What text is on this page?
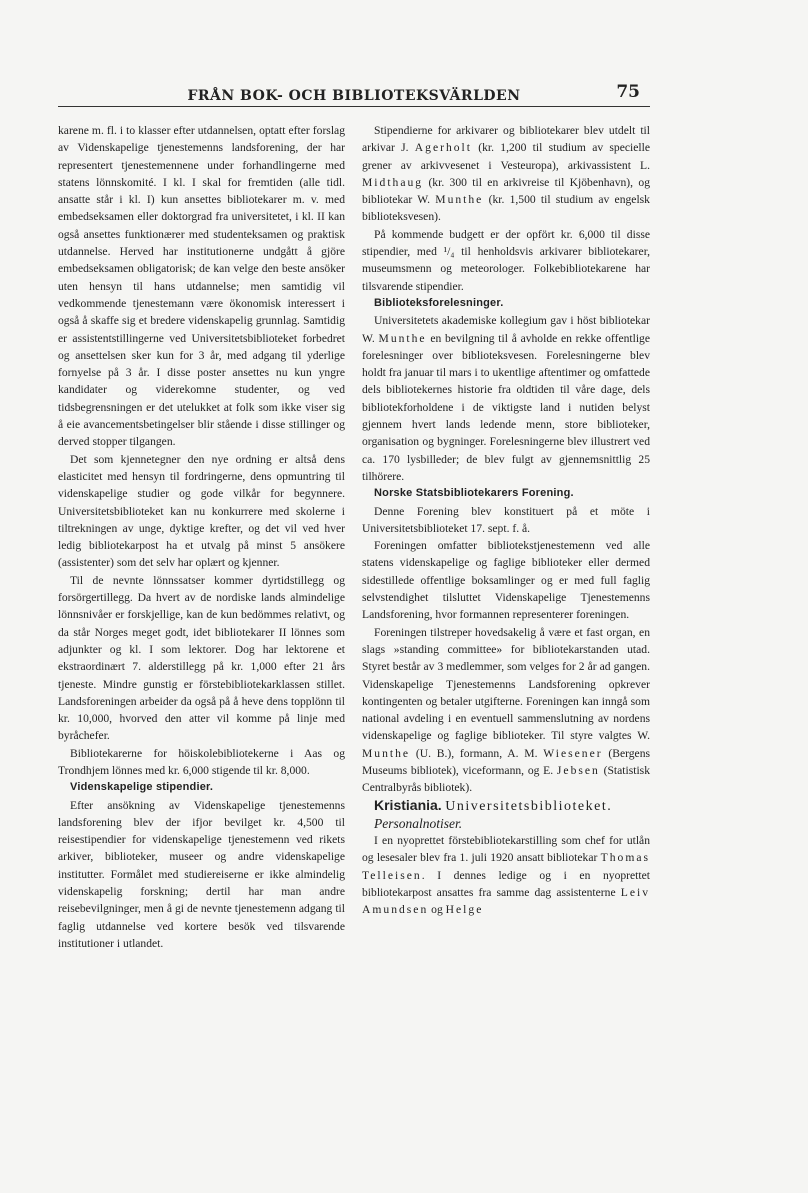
FRÅN BOK- OCH BIBLIOTEKSVÄRLDEN	75

karene m. fl. i to klasser efter utdannelsen, optatt efter forslag av Videnskapelige tjenestemenns landsforening, der har representert tjenestemennene under forhandlingerne med statens lönnskomité. I kl. I skal for fremtiden (alle tidl. ansatte står i kl. I) kun ansettes bibliotekarer m. v. med embedseksamen eller doktorgrad fra universitetet, i kl. II kan også ansettes funktionærer med studenteksamen og praktisk utdannelse. Herved har institutionerne undgått å gjöre embedseksamen obligatorisk; de kan velge den beste ansöker uten hensyn til hans utdannelse; men samtidig vil vedkommende tjenestemann være ökonomisk interessert i også å skaffe sig et bredere videnskapelig grunnlag. Samtidig er assistentstillingerne ved Universitetsbiblioteket forbedret og ansettelsen sker kun for 3 år, med adgang til yderlige fornyelse på 3 år. I disse poster ansettes nu kun yngre kandidater og viderekomne studenter, og ved tidsbegrensningen er det utelukket at folk som ikke viser sig å eie avancementsbetingelser blir stående i disse stillinger og derved stopper tilgangen.

Det som kjennetegner den nye ordning er altså dens elasticitet med hensyn til fordringerne, dens opmuntring til videnskapelige studier og gode vilkår for begynnere. Universitetsbiblioteket kan nu konkurrere med skolerne i tiltrekningen av unge, dyktige krefter, og det vil ved hver ledig bibliotekarpost ha et utvalg på minst 5 ansökere (assistenter) som det selv har oplært og kjenner.

Til de nevnte lönnssatser kommer dyrtidstillegg og forsörgertillegg. Da hvert av de nordiske lands almindelige lönnsnivåer er forskjellige, kan de kun bedömmes relativt, og da står Norges meget godt, idet bibliotekarer II lönnes som adjunkter og kl. I som lektorer. Dog har lektorene et ekstraordinært 7. alderstillegg på kr. 1,000 efter 21 års tjeneste. Mindre gunstig er förstebibliotekarklassen stillet. Landsforeningen arbeider da også på å heve dens topplönn til kr. 10,000, hvorved den atter vil komme på linje med byråchefer.

Bibliotekarerne for höiskolebibliotekerne i Aas og Trondhjem lönnes med kr. 6,000 stigende til kr. 8,000.

Videnskapelige stipendier.

Efter ansökning av Videnskapelige tjenestemenns landsforening blev der ifjor bevilget kr. 4,500 til reisestipendier for videnskapelige tjenestemenn ved rikets arkiver, biblioteker, museer og andre videnskapelige institutter. Formålet med studiereiserne er ikke almindelig videnskapelig forskning; dertil har man andre reisebevilgninger, men å gi de nevnte tjenestemenn adgang til faglig utdannelse ved kortere besök ved tilsvarende institutioner i utlandet.

Stipendierne for arkivarer og bibliotekarer blev utdelt til arkivar J. Agerholt (kr. 1,200 til studium av specielle grener av arkivvesenet i Vesteuropa), arkivassistent L. Midthaug (kr. 300 til en arkivreise til Kjöbenhavn), og bibliotekar W. Munthe (kr. 1,500 til studium av engelsk biblioteksvesen).

På kommende budgett er der opfört kr. 6,000 til disse stipendier, med ¹/₄ til henholdsvis arkivarer bibliotekarer, museumsmenn og meteorologer. Folkebibliotekarene har tilsvarende stipendier.

Biblioteksforelesninger.

Universitetets akademiske kollegium gav i höst bibliotekar W. Munthe en bevilgning til å avholde en rekke offentlige forelesninger over biblioteksvesen. Forelesningerne blev holdt fra januar til mars i to ukentlige aftentimer og omfattede dels bibliotekernes historie fra oldtiden til våre dage, dels bibliotekforholdene i de viktigste land i nutiden belyst gjennem hvert lands ledende menn, store biblioteker, organisation og bygninger. Forelesningerne blev illustrert ved ca. 170 lysbilleder; de blev fulgt av gjennemsnittlig 25 tilhörere.

Norske Statsbibliotekarers Forening.

Denne Forening blev konstituert på et möte i Universitetsbiblioteket 17. sept. f. å.

Foreningen omfatter bibliotekstjenestemenn ved alle statens videnskapelige og faglige biblioteker eller dermed sidestillede offentlige boksamlinger og er med full faglig selvstendighet tilsluttet Videnskapelige Tjenestemenns Landsforening, hvor formannen representerer foreningen.

Foreningen tilstreper hovedsakelig å være et fast organ, en slags »standing committee» for bibliotekarstanden utad. Styret består av 3 medlemmer, som velges for 2 år ad gangen. Videnskapelige Tjenestemenns Landsforening opkrever kontingenten og betaler utgifterne. Foreningen kan inngå som national avdeling i en eventuell sammenslutning av nordens videnskapelige og faglige biblioteker. Til styre valgtes W. Munthe (U. B.), formann, A. M. Wiesener (Bergens Museums bibliotek), viceformann, og E. Jebsen (Statistisk Centralbyrås bibliotek).

Kristiania. Universitetsbiblioteket.

Personalnotiser.

I en nyoprettet förstebibliotekarstilling som chef for utlån og lesesaler blev fra 1. juli 1920 ansatt bibliotekar Thomas Telleisen. I dennes ledige og i en nyoprettet bibliotekarpost ansattes fra samme dag assistenterne Leiv Amundsen og Helge
